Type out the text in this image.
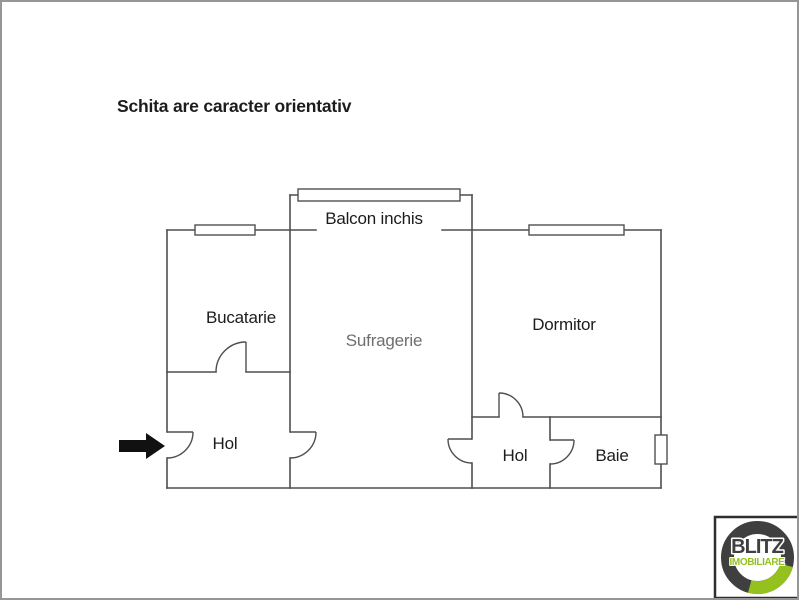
Schita are caracter orientativ
Balcon inchis
Bucatarie
Sufragerie
Dormitor
Hol
Hol	Baie
BLITZ
IMOBILIARE
